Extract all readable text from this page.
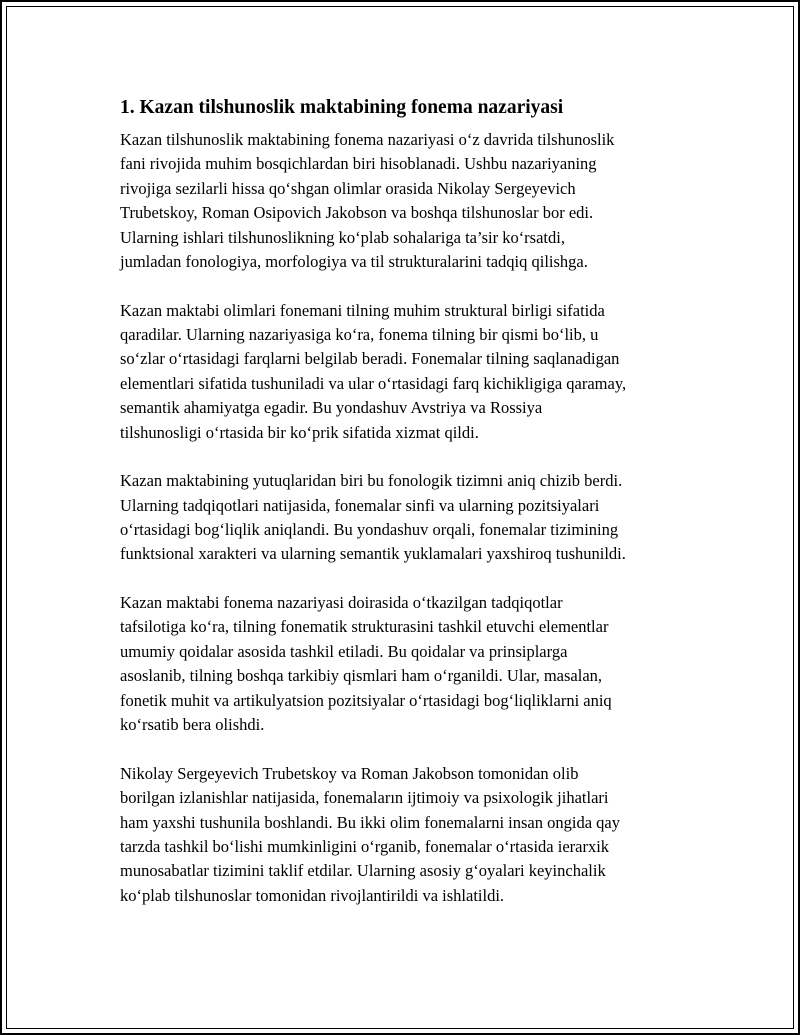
1. Kazan tilshunoslik maktabining fonema nazariyasi
Kazan tilshunoslik maktabining fonema nazariyasi o‘z davrida tilshunoslik
fani rivojida muhim bosqichlardan biri hisoblanadi. Ushbu nazariyaning
rivojiga sezilarli hissa qo‘shgan olimlar orasida Nikolay Sergeyevich
Trubetskoy, Roman Osipovich Jakobson va boshqa tilshunoslar bor edi.
Ularning ishlari tilshunoslikning ko‘plab sohalariga ta’sir ko‘rsatdi,
jumladan fonologiya, morfologiya va til strukturalarini tadqiq qilishga.
Kazan maktabi olimlari fonemani tilning muhim struktural birligi sifatida
qaradilar. Ularning nazariyasiga ko‘ra, fonema tilning bir qismi bo‘lib, u
so‘zlar o‘rtasidagi farqlarni belgilab beradi. Fonemalar tilning saqlanadigan
elementlari sifatida tushuniladi va ular o‘rtasidagi farq kichikligiga qaramay,
semantik ahamiyatga egadir. Bu yondashuv Avstriya va Rossiya
tilshunosligi o‘rtasida bir ko‘prik sifatida xizmat qildi.
Kazan maktabining yutuqlaridan biri bu fonologik tizimni aniq chizib berdi.
Ularning tadqiqotlari natijasida, fonemalar sinfi va ularning pozitsiyalari
o‘rtasidagi bog‘liqlik aniqlandi. Bu yondashuv orqali, fonemalar tizimining
funktsional xarakteri va ularning semantik yuklamalari yaxshiroq tushunildi.
Kazan maktabi fonema nazariyasi doirasida o‘tkazilgan tadqiqotlar
tafsilotiga ko‘ra, tilning fonematik strukturasini tashkil etuvchi elementlar
umumiy qoidalar asosida tashkil etiladi. Bu qoidalar va prinsiplarga
asoslanib, tilning boshqa tarkibiy qismlari ham o‘rganildi. Ular, masalan,
fonetik muhit va artikulyatsion pozitsiyalar o‘rtasidagi bog‘liqliklarni aniq
ko‘rsatib bera olishdi.
Nikolay Sergeyevich Trubetskoy va Roman Jakobson tomonidan olib
borilgan izlanishlar natijasida, fonemaların ijtimoiy va psixologik jihatlari
ham yaxshi tushunila boshlandi. Bu ikki olim fonemalarni insan ongida qay
tarzda tashkil bo‘lishi mumkinligini o‘rganib, fonemalar o‘rtasida ierarxik
munosabatlar tizimini taklif etdilar. Ularning asosiy g‘oyalari keyinchalik
ko‘plab tilshunoslar tomonidan rivojlantirildi va ishlatildi.
